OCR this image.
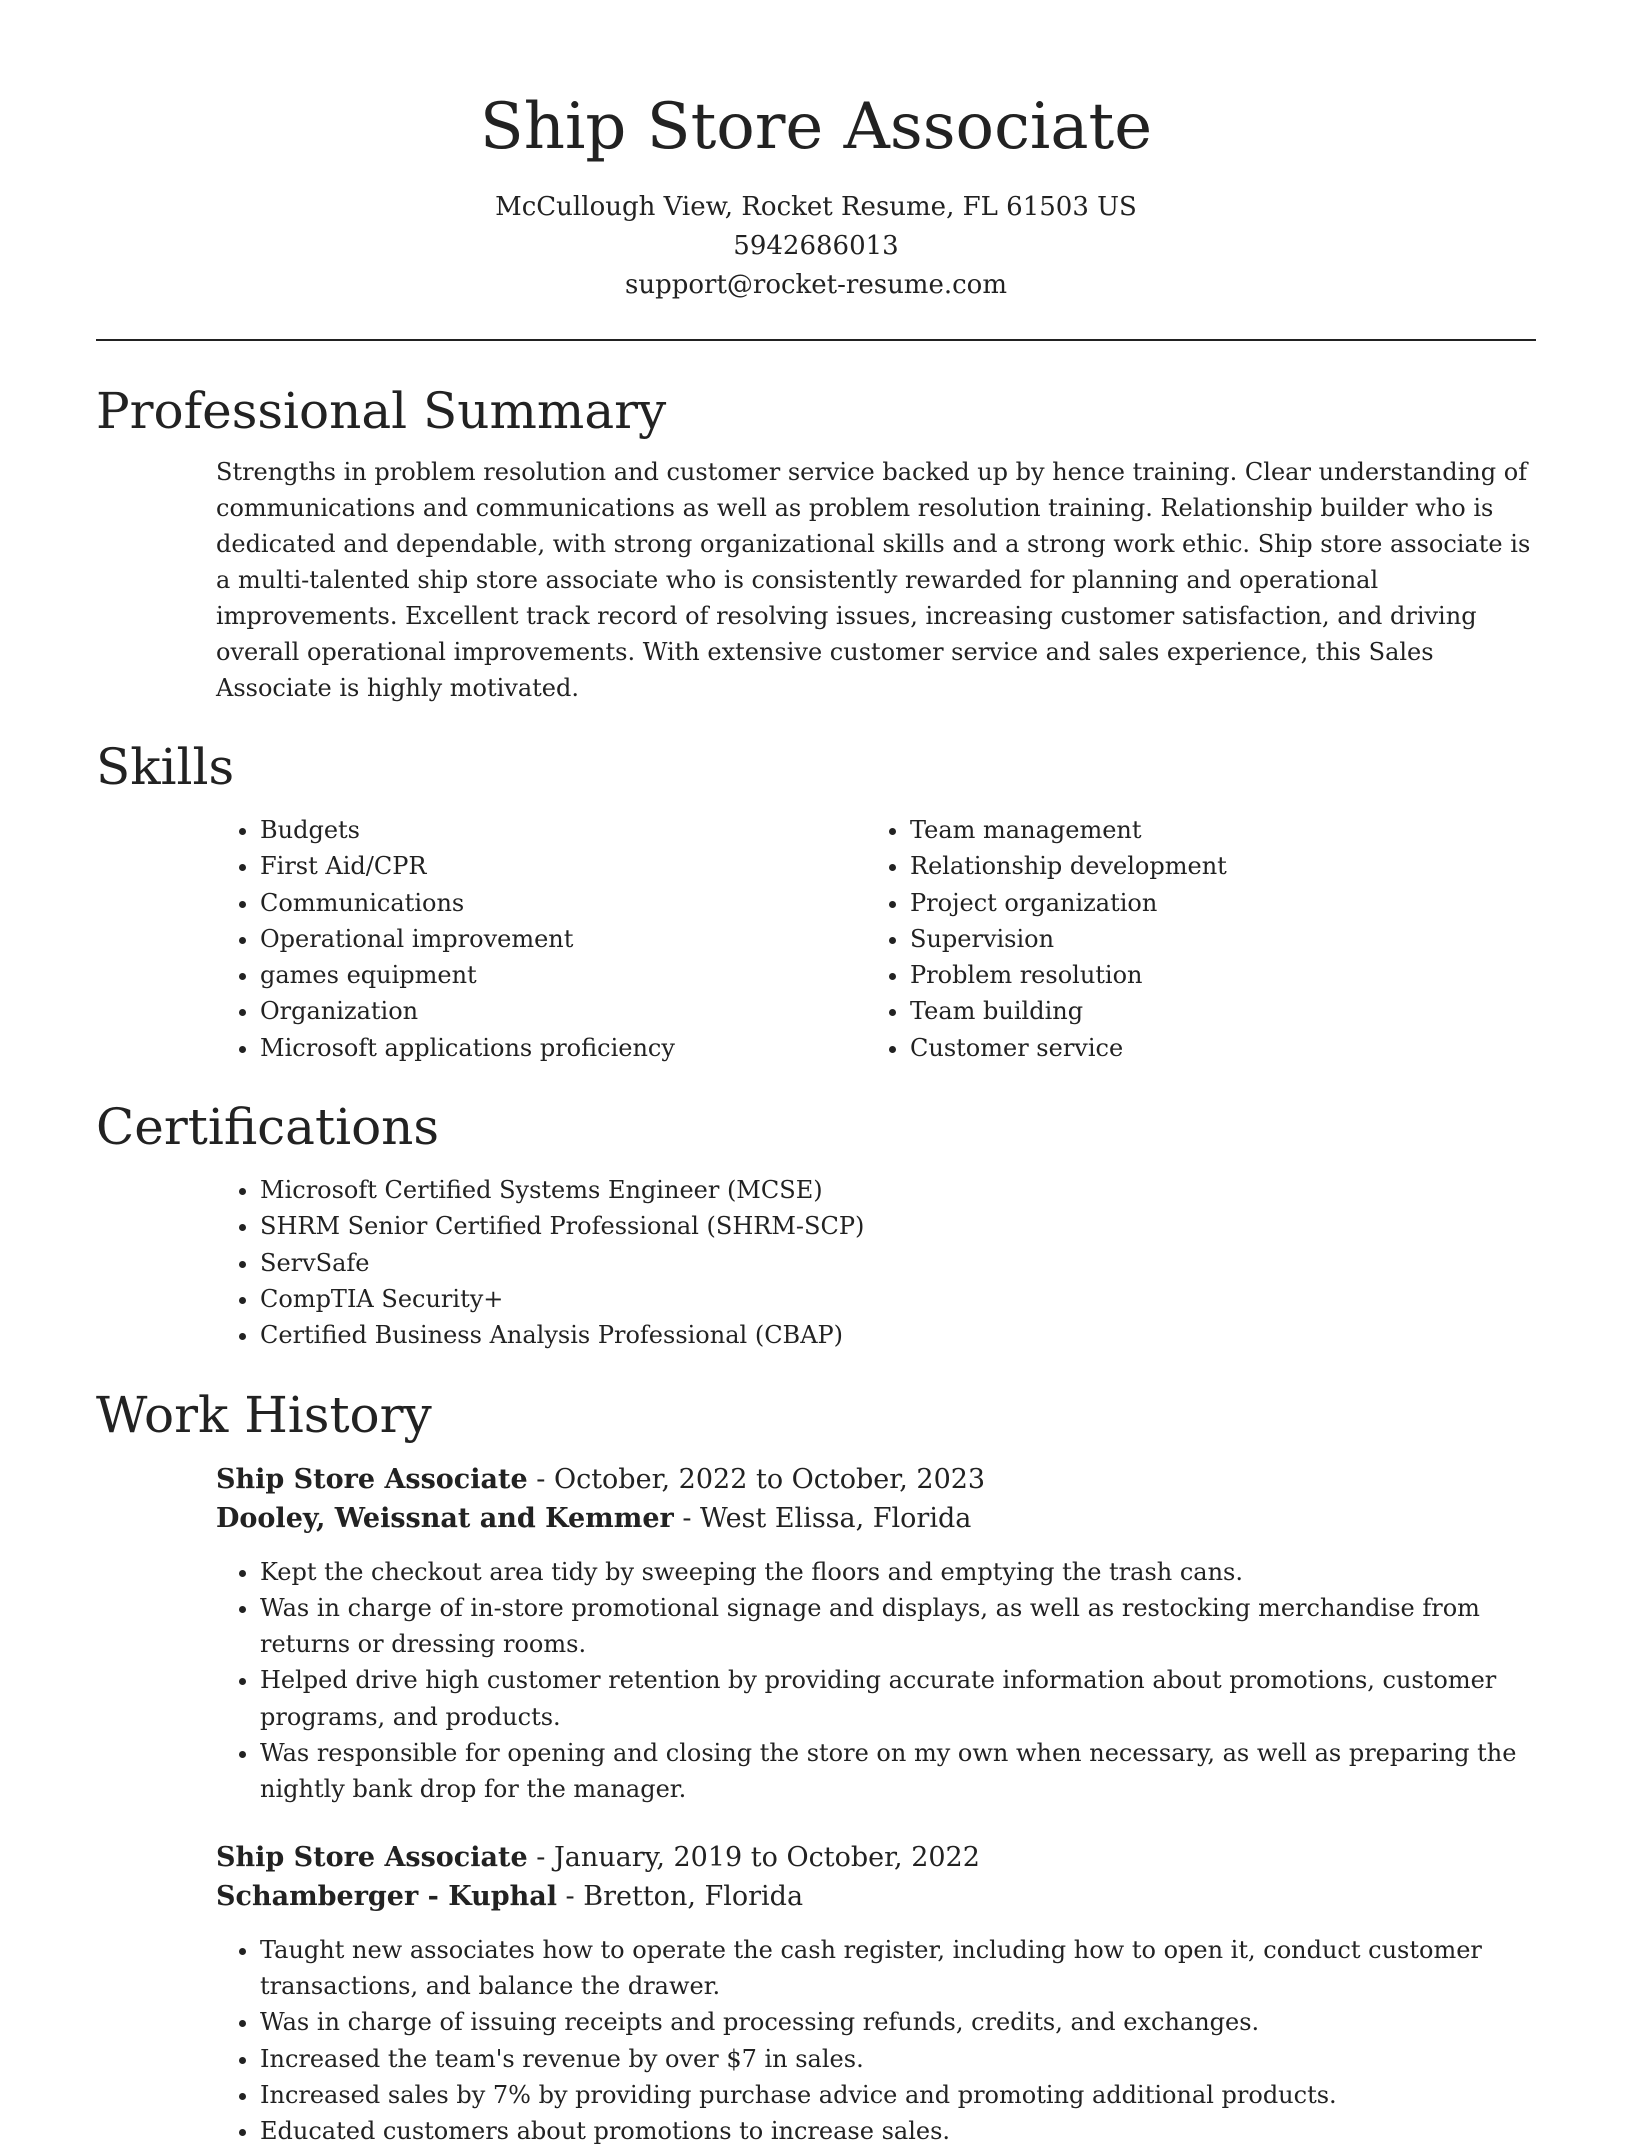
Ship Store Associate
McCullough View, Rocket Resume, FL 61503 US
5942686013
support@rocket-resume.com
Professional Summary

Strengths in problem resolution and customer service backed up by hence training. Clear understanding of communications and communications as well as problem resolution training. Relationship builder who is dedicated and dependable, with strong organizational skills and a strong work ethic. Ship store associate is a multi-talented ship store associate who is consistently rewarded for planning and operational improvements. Excellent track record of resolving issues, increasing customer satisfaction, and driving overall operational improvements. With extensive customer service and sales experience, this Sales Associate is highly motivated.

Skills
• Budgets
• First Aid/CPR
• Communications
• Operational improvement
• games equipment
• Organization
• Microsoft applications proficiency
• Team management
• Relationship development
• Project organization
• Supervision
• Problem resolution
• Team building
• Customer service
Certifications
• Microsoft Certified Systems Engineer (MCSE)
• SHRM Senior Certified Professional (SHRM-SCP)
• ServSafe
• CompTIA Security+
• Certified Business Analysis Professional (CBAP)
Work History
Ship Store Associate - October, 2022 to October, 2023
Dooley, Weissnat and Kemmer - West Elissa, Florida
• Kept the checkout area tidy by sweeping the floors and emptying the trash cans.
• Was in charge of in-store promotional signage and displays, as well as restocking merchandise from returns or dressing rooms.
• Helped drive high customer retention by providing accurate information about promotions, customer programs, and products.
• Was responsible for opening and closing the store on my own when necessary, as well as preparing the nightly bank drop for the manager.
Ship Store Associate - January, 2019 to October, 2022
Schamberger - Kuphal - Bretton, Florida
• Taught new associates how to operate the cash register, including how to open it, conduct customer transactions, and balance the drawer.
• Was in charge of issuing receipts and processing refunds, credits, and exchanges.
• Increased the team's revenue by over $7 in sales.
• Increased sales by 7% by providing purchase advice and promoting additional products.
• Educated customers about promotions to increase sales.
